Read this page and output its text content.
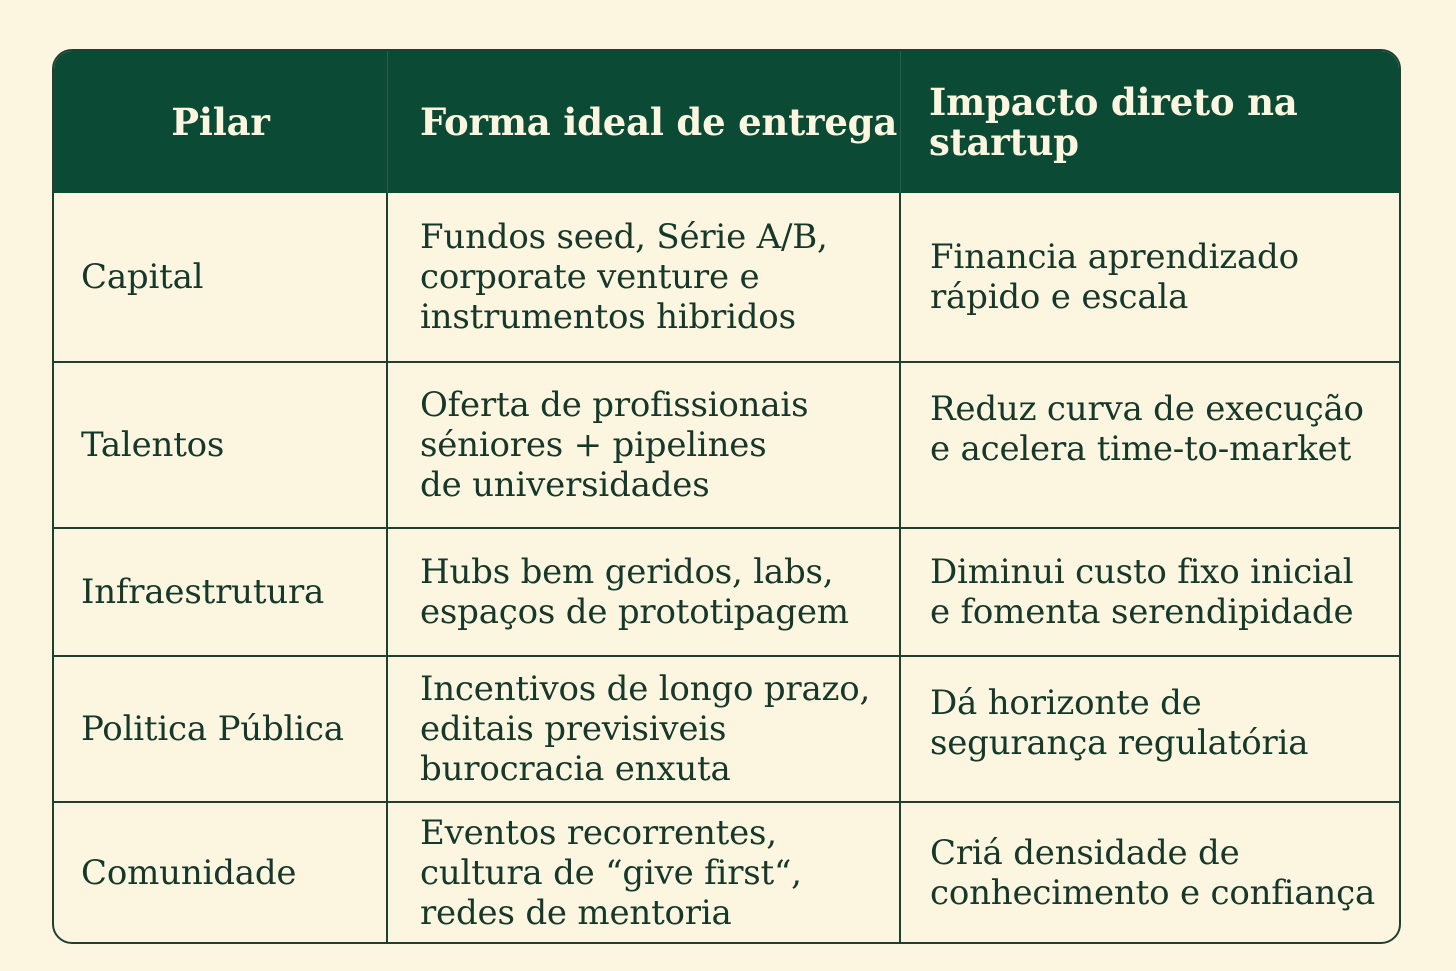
Pilar	Forma ideal de entrega Impacto direto na startup
Capital
Fundos seed, Série A/B,
corporate venture e
instrumentos hibridos
Financia aprendizado
rápido e escala
Talentos
Oferta de profissionais
séniores + pipelines
de universidades
Reduz curva de execução
e acelera time-to-market
Infraestrutura	Hubs bem geridos, labs,
espaços de prototipagem
Diminui custo fixo inicial
e fomenta serendipidade
Politica Pública
Incentivos de longo prazo,
editais previsiveis
burocracia enxuta
Dá horizonte de
segurança regulatória
Comunidade
Eventos recorrentes,
cultura de “give first“,
redes de mentoria
Criá densidade de
conhecimento e confiança
